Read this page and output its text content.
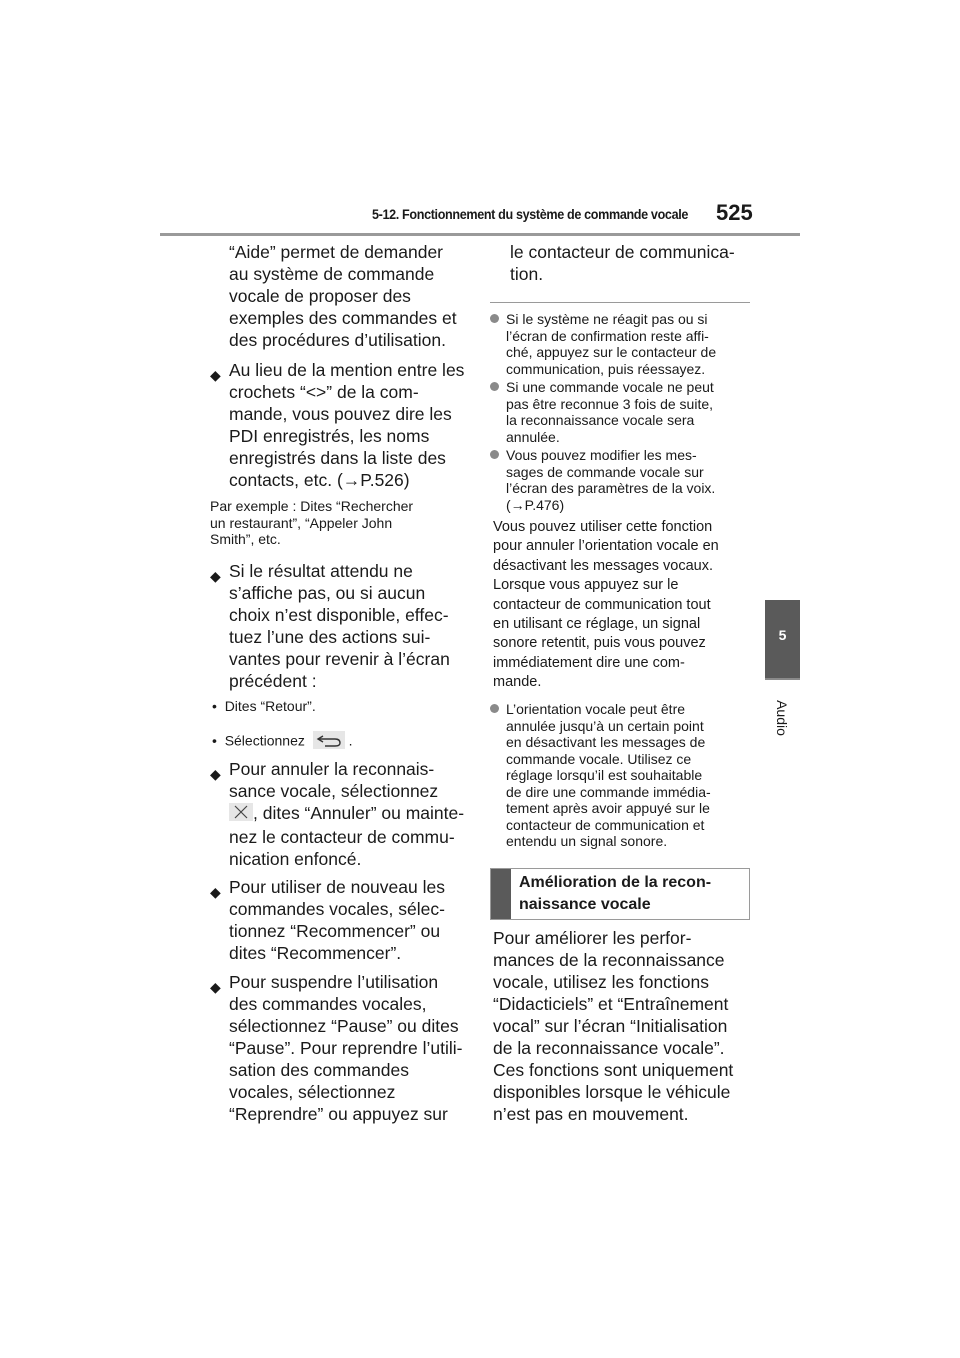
5-12. Fonctionnement du système de commande vocale 525
5
Audio
“Aide” permet de demander
au système de commande
vocale de proposer des
exemples des commandes et
des procédures d’utilisation.
◆ Au lieu de la mention entre les
crochets “<>” de la com-
mande, vous pouvez dire les
PDI enregistrés, les noms
enregistrés dans la liste des
contacts, etc. (→P.526)
Par exemple : Dites “Rechercher
un restaurant”, “Appeler John
Smith”, etc.
◆ Si le résultat attendu ne
s’affiche pas, ou si aucun
choix n’est disponible, effec-
tuez l’une des actions sui-
vantes pour revenir à l’écran
précédent :
• Dites “Retour”.
• Sélectionnez	.
◆ Pour annuler la reconnais-
sance vocale, sélectionnez
, dites “Annuler” ou mainte-
nez le contacteur de commu-
nication enfoncé.
◆ Pour utiliser de nouveau les
commandes vocales, sélec-
tionnez “Recommencer” ou
dites “Recommencer”.
◆ Pour suspendre l’utilisation
des commandes vocales,
sélectionnez “Pause” ou dites
“Pause”. Pour reprendre l’utili-
sation des commandes
vocales, sélectionnez
“Reprendre” ou appuyez sur
le contacteur de communica-
tion.
Si le système ne réagit pas ou si
l’écran de confirmation reste affi-
ché, appuyez sur le contacteur de
communication, puis réessayez.
Si une commande vocale ne peut
pas être reconnue 3 fois de suite,
la reconnaissance vocale sera
annulée.
Vous pouvez modifier les mes-
sages de commande vocale sur
l’écran des paramètres de la voix.
(→P.476)
Vous pouvez utiliser cette fonction
pour annuler l’orientation vocale en
désactivant les messages vocaux.
Lorsque vous appuyez sur le
contacteur de communication tout
en utilisant ce réglage, un signal
sonore retentit, puis vous pouvez
immédiatement dire une com-
mande.
L’orientation vocale peut être
annulée jusqu’à un certain point
en désactivant les messages de
commande vocale. Utilisez ce
réglage lorsqu’il est souhaitable
de dire une commande immédia-
tement après avoir appuyé sur le
contacteur de communication et
entendu un signal sonore.
Amélioration de la recon-
naissance vocale
Pour améliorer les perfor-
mances de la reconnaissance
vocale, utilisez les fonctions
“Didacticiels” et “Entraînement
vocal” sur l’écran “Initialisation
de la reconnaissance vocale”.
Ces fonctions sont uniquement
disponibles lorsque le véhicule
n’est pas en mouvement.
